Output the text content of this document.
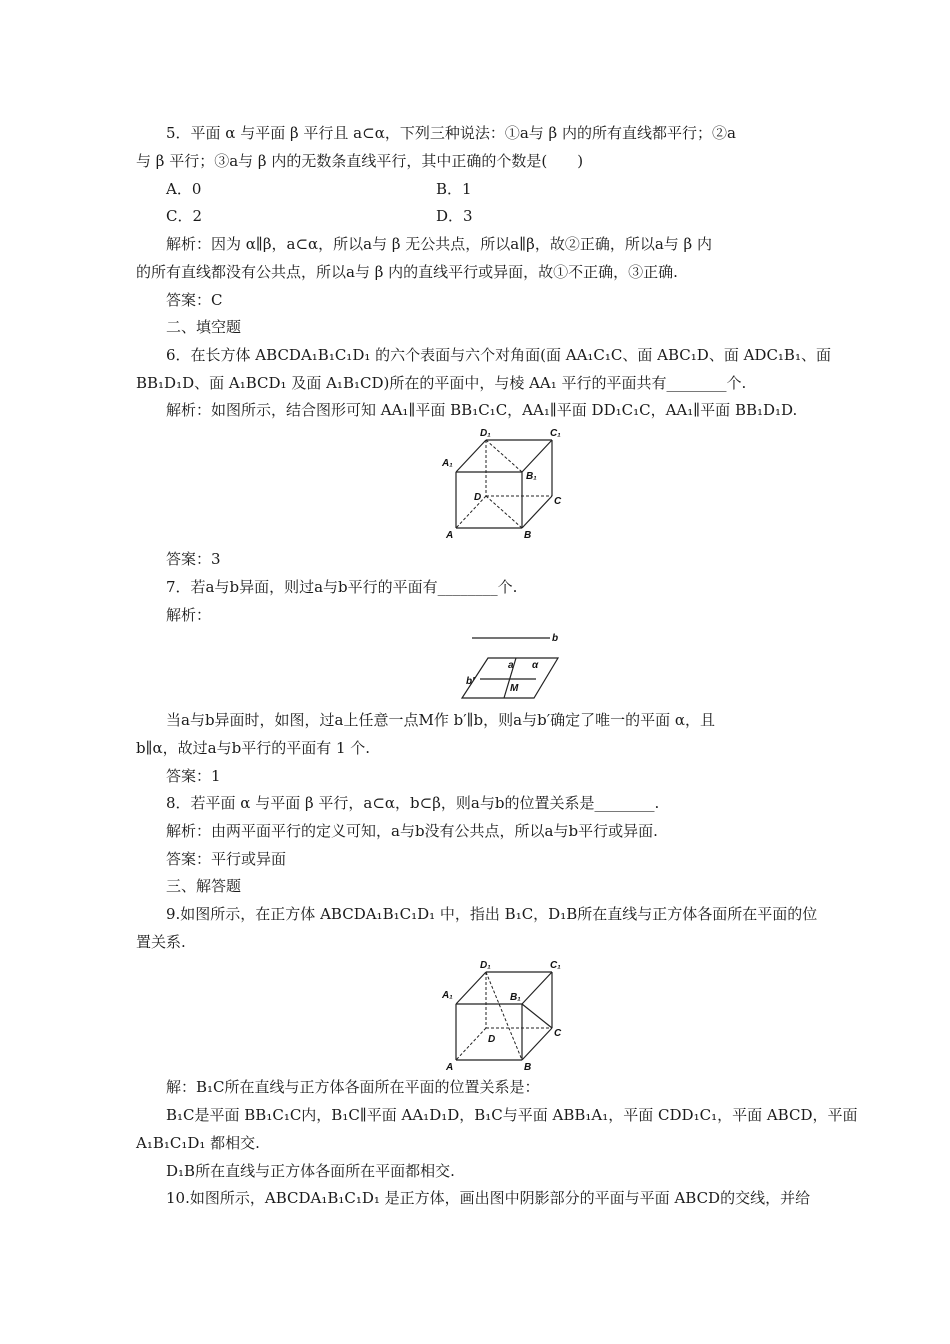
5．平面 α 与平面 β 平行且 a⊂α，下列三种说法：①a与 β 内的所有直线都平行；②a
与 β 平行；③a与 β 内的无数条直线平行，其中正确的个数是(　　)
A．0	B．1
C．2	D．3
解析：因为 α∥β，a⊂α，所以a与 β 无公共点，所以a∥β，故②正确，所以a与 β 内
的所有直线都没有公共点，所以a与 β 内的直线平行或异面，故①不正确，③正确.
答案：C
二、填空题
6．在长方体 ABCDA₁B₁C₁D₁ 的六个表面与六个对角面(面 AA₁C₁C、面 ABC₁D、面 ADC₁B₁、面
BB₁D₁D、面 A₁BCD₁ 及面 A₁B₁CD)所在的平面中，与棱 AA₁ 平行的平面共有________个.
解析：如图所示，结合图形可知 AA₁∥平面 BB₁C₁C，AA₁∥平面 DD₁C₁C，AA₁∥平面 BB₁D₁D.
D₁	C₁
A₁
B₁
D	C
A	B
答案：3
7．若a与b异面，则过a与b平行的平面有________个.
解析：
b
a α
b′
M
当a与b异面时，如图，过a上任意一点M作 b′∥b，则a与b′确定了唯一的平面 α，且
b∥α，故过a与b平行的平面有 1 个.
答案：1
8．若平面 α 与平面 β 平行，a⊂α，b⊂β，则a与b的位置关系是________.
解析：由两平面平行的定义可知，a与b没有公共点，所以a与b平行或异面.
答案：平行或异面
三、解答题
9.如图所示，在正方体 ABCDA₁B₁C₁D₁ 中，指出 B₁C，D₁B所在直线与正方体各面所在平面的位
置关系.
D₁	C₁
A₁	B₁
D
C
A	B
解：B₁C所在直线与正方体各面所在平面的位置关系是：
B₁C是平面 BB₁C₁C内，B₁C∥平面 AA₁D₁D，B₁C与平面 ABB₁A₁，平面 CDD₁C₁，平面 ABCD，平面
A₁B₁C₁D₁ 都相交.
D₁B所在直线与正方体各面所在平面都相交.
10.如图所示，ABCDA₁B₁C₁D₁ 是正方体，画出图中阴影部分的平面与平面 ABCD的交线，并给
